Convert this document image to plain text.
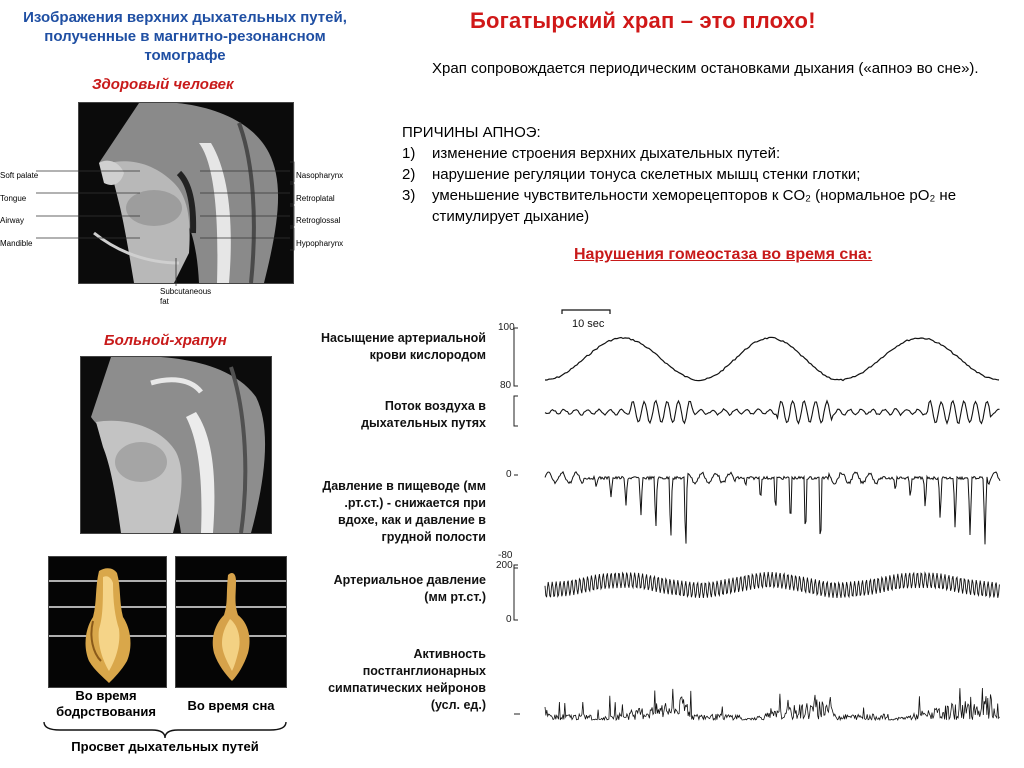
Изображения верхних дыхательных путей, полученные в магнитно-резонансном томографе
Здоровый человек
Soft palate
Tongue
Airway
Mandible
Nasopharynx
Retroplatal
Retroglossal
Hypopharynx
Subcutaneous
fat
Больной-храпун
Во время бодрствования	Во время сна
Просвет дыхательных путей
Богатырский храп – это плохо!
Храп сопровождается периодическим остановками дыхания («апноэ во сне»).
ПРИЧИНЫ АПНОЭ:
1)	изменение строения верхних дыхательных путей:
2)	нарушение регуляции тонуса скелетных мышц стенки глотки;
3)	уменьшение чувствительности хеморецепторов к CO₂ (нормальное pO₂ не стимулирует дыхание)
Нарушения гомеостаза во время сна:
Насыщение артериальной крови кислородом
Поток воздуха в дыхательных путях
Давление в пищеводе (мм .рт.ст.) - снижается при вдохе, как и давление в грудной полости
Артериальное давление (мм рт.ст.)
Активность постганглионарных симпатических нейронов (усл. ед.)
100
80
0
-80
200
0
10 sec
